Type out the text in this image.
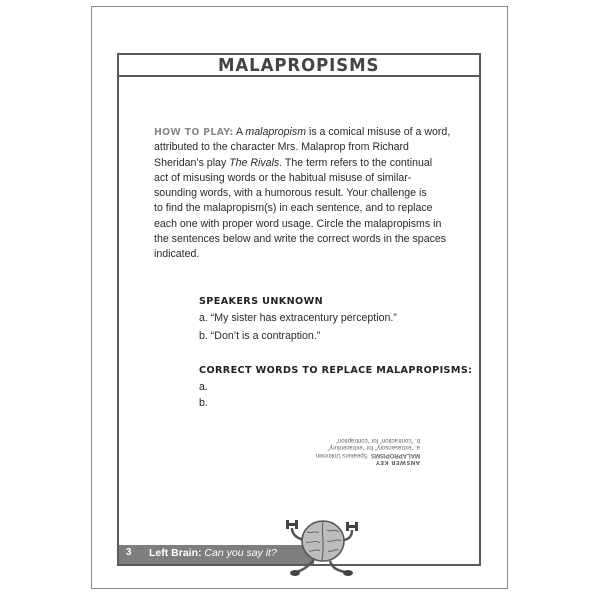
MALAPROPISMS
HOW TO PLAY: A malapropism is a comical misuse of a word,
attributed to the character Mrs. Malaprop from Richard
Sheridan’s play The Rivals. The term refers to the continual
act of misusing words or the habitual misuse of similar-
sounding words, with a humorous result. Your challenge is
to find the malapropism(s) in each sentence, and to replace
each one with proper word usage. Circle the malapropisms in
the sentences below and write the correct words in the spaces
indicated.
SPEAKERS UNKNOWN
a. “My sister has extracentury perception.”
b. “Don’t is a contraption.”
CORRECT WORDS TO REPLACE MALAPROPISMS:
a.
b.
3 Left Brain: Can you say it?
ANSWER KEY
MALAPROPISMS  Speakers Unknown
a. “extrasensory” for “extracentury”
b. “contraction” for “contraption”
